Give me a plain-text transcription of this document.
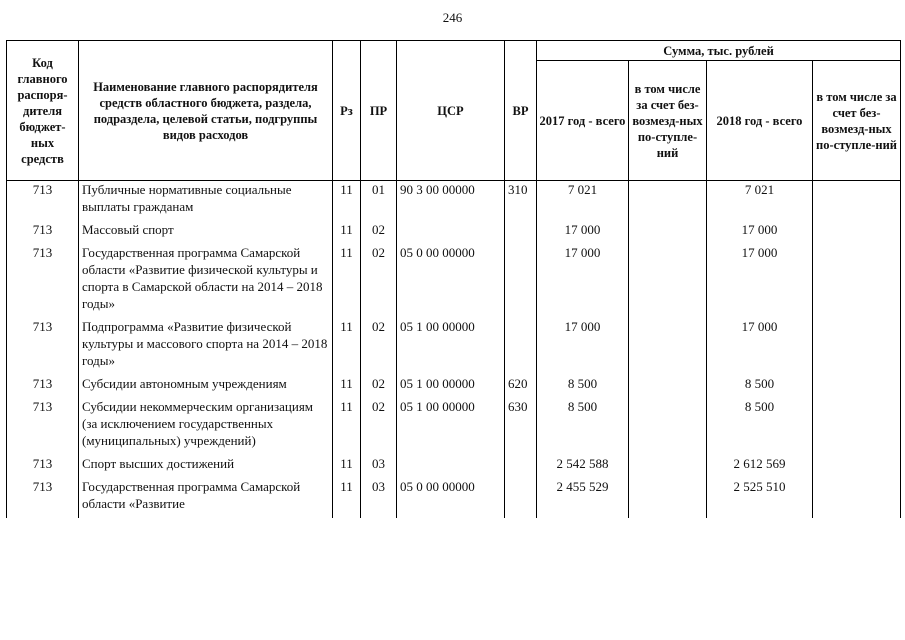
246
Код главного распоря-дителя бюджет-ных средств	Наименование главного распорядителя средств областного бюджета, раздела, подраздела, целевой статьи, подгруппы видов расходов	Рз	ПР	ЦСР	ВР	Сумма, тыс. рублей			
						2017 год - всего	в том числе за счет без-возмезд-ных по-ступле-ний	2018 год - всего	в том числе за счет без-возмезд-ных по-ступле-ний
713	Публичные нормативные социальные выплаты гражданам	11	01	90 3 00 00000	310	7 021		7 021	
713	Массовый спорт	11	02			17 000		17 000	
713	Государственная программа Самарской области «Развитие физической культуры и спорта в Самарской области на 2014 – 2018 годы»	11	02	05 0 00 00000		17 000		17 000	
713	Подпрограмма «Развитие физической культуры и массового спорта на 2014 – 2018 годы»	11	02	05 1 00 00000		17 000		17 000	
713	Субсидии автономным учреждениям	11	02	05 1 00 00000	620	8 500		8 500	
713	Субсидии некоммерческим организациям (за исключением государственных (муниципальных) учреждений)	11	02	05 1 00 00000	630	8 500		8 500	
713	Спорт высших достижений	11	03			2 542 588		2 612 569	
713	Государственная программа Самарской области «Развитие	11	03	05 0 00 00000		2 455 529		2 525 510	
